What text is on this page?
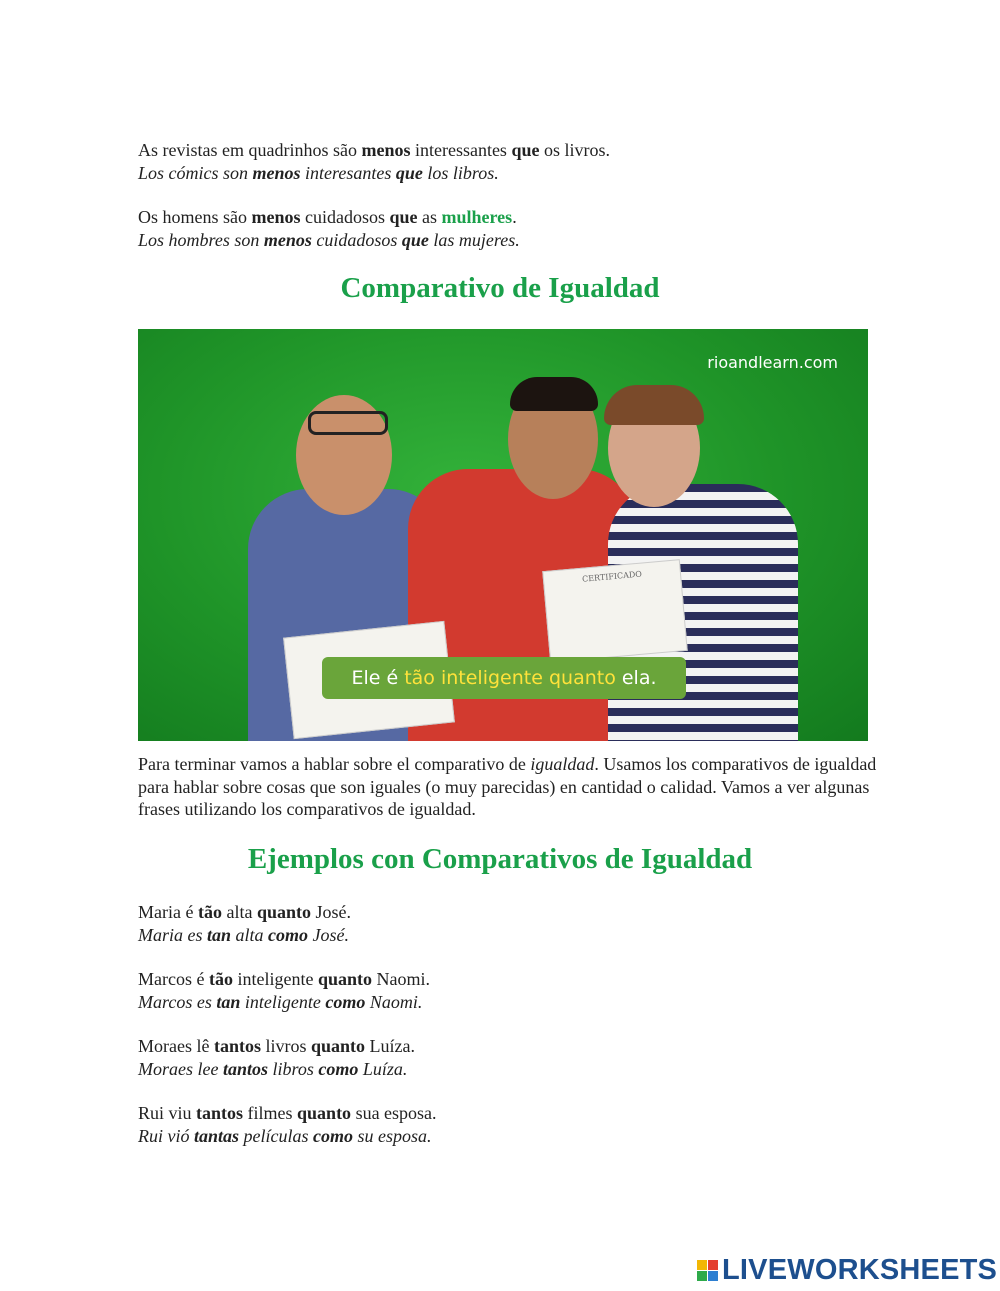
As revistas em quadrinhos são menos interessantes que os livros.

Los cómics son menos interesantes que los libros.

Os homens são menos cuidadosos que as mulheres.

Los hombres son menos cuidadosos que las mujeres.

Comparativo de Igualdad
rioandlearn.com
CERTIFICADO
Ele é tão inteligente quanto ela.

Para terminar vamos a hablar sobre el comparativo de igualdad. Usamos los comparativos de igualdad para hablar sobre cosas que son iguales (o muy parecidas) en cantidad o calidad. Vamos a ver algunas frases utilizando los comparativos de igualdad.

Ejemplos con Comparativos de Igualdad

Maria é tão alta quanto José.

Maria es tan alta como José.

Marcos é tão inteligente quanto Naomi.

Marcos es tan inteligente como Naomi.

Moraes lê tantos livros quanto Luíza.

Moraes lee tantos libros como Luíza.

Rui viu tantos filmes quanto sua esposa.

Rui vió tantas películas como su esposa.

LIVEWORKSHEETS
